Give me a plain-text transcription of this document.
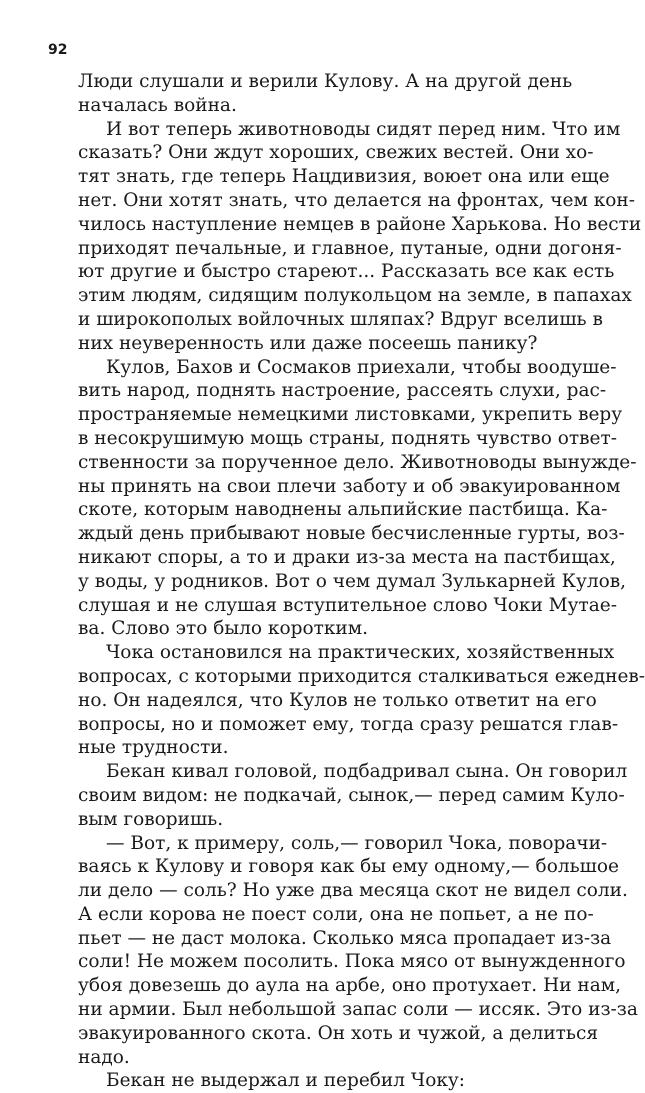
92
Люди слушали и верили Кулову. А на другой день
началась война.
И вот теперь животноводы сидят перед ним. Что им
сказать? Они ждут хороших, свежих вестей. Они хо-
тят знать, где теперь Нацдивизия, воюет она или еще
нет. Они хотят знать, что делается на фронтах, чем кон-
чилось наступление немцев в районе Харькова. Но вести
приходят печальные, и главное, путаные, одни догоня-
ют другие и быстро стареют... Рассказать все как есть
этим людям, сидящим полукольцом на земле, в папахах
и широкополых войлочных шляпах? Вдруг вселишь в
них неуверенность или даже посеешь панику?
Кулов, Бахов и Сосмаков приехали, чтобы воодуше-
вить народ, поднять настроение, рассеять слухи, рас-
пространяемые немецкими листовками, укрепить веру
в несокрушимую мощь страны, поднять чувство ответ-
ственности за порученное дело. Животноводы вынужде-
ны принять на свои плечи заботу и об эвакуированном
скоте, которым наводнены альпийские пастбища. Ка-
ждый день прибывают новые бесчисленные гурты, воз-
никают споры, а то и драки из-за места на пастбищах,
у воды, у родников. Вот о чем думал Зулькарней Кулов,
слушая и не слушая вступительное слово Чоки Мутае-
ва. Слово это было коротким.
Чока остановился на практических, хозяйственных
вопросах, с которыми приходится сталкиваться ежеднев-
но. Он надеялся, что Кулов не только ответит на его
вопросы, но и поможет ему, тогда сразу решатся глав-
ные трудности.
Бекан кивал головой, подбадривал сына. Он говорил
своим видом: не подкачай, сынок,— перед самим Куло-
вым говоришь.
— Вот, к примеру, соль,— говорил Чока, поворачи-
ваясь к Кулову и говоря как бы ему одному,— большое
ли дело — соль? Но уже два месяца скот не видел соли.
А если корова не поест соли, она не попьет, а не по-
пьет — не даст молока. Сколько мяса пропадает из-за
соли! Не можем посолить. Пока мясо от вынужденного
убоя довезешь до аула на арбе, оно протухает. Ни нам,
ни армии. Был небольшой запас соли — иссяк. Это из-за
эвакуированного скота. Он хоть и чужой, а делиться
надо.
Бекан не выдержал и перебил Чоку:
